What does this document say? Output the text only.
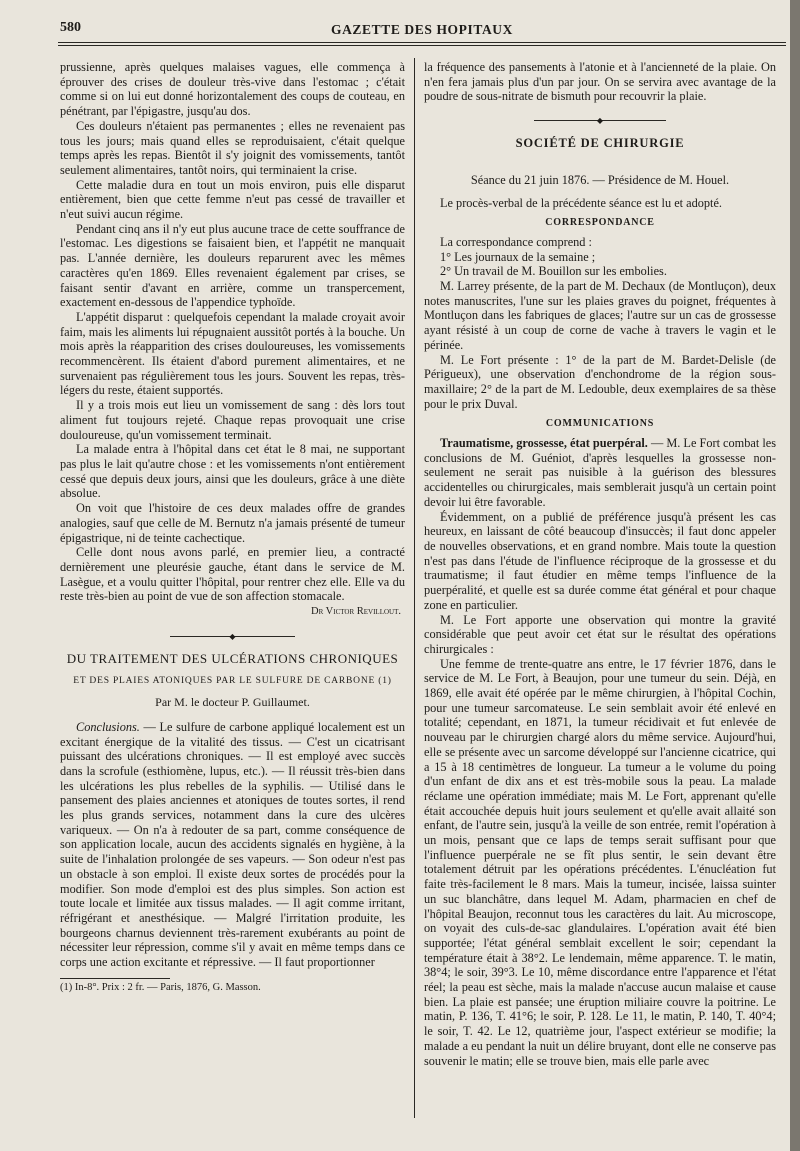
580	GAZETTE DES HOPITAUX

prussienne, après quelques malaises vagues, elle commença à éprouver des crises de douleur très-vive dans l'estomac ; c'était comme si on lui eut donné horizontalement des coups de couteau, en pénétrant, par l'épigastre, jusqu'au dos.

Ces douleurs n'étaient pas permanentes ; elles ne revenaient pas tous les jours; mais quand elles se reproduisaient, c'était quelque temps après les repas. Bientôt il s'y joignit des vomissements, tantôt seulement alimentaires, tantôt noirs, qui terminaient la crise.

Cette maladie dura en tout un mois environ, puis elle disparut entièrement, bien que cette femme n'eut pas cessé de travailler et n'eut suivi aucun régime.

Pendant cinq ans il n'y eut plus aucune trace de cette souffrance de l'estomac. Les digestions se faisaient bien, et l'appétit ne manquait pas. L'année dernière, les douleurs reparurent avec les mêmes caractères qu'en 1869. Elles revenaient également par crises, se faisant sentir d'avant en arrière, comme un transpercement, exactement en-dessous de l'appendice typhoïde.

L'appétit disparut : quelquefois cependant la malade croyait avoir faim, mais les aliments lui répugnaient aussitôt portés à la bouche. Un mois après la réapparition des crises douloureuses, les vomissements recommencèrent. Ils étaient d'abord purement alimentaires, et ne survenaient pas régulièrement tous les jours. Souvent les repas, très-légers du reste, étaient supportés.

Il y a trois mois eut lieu un vomissement de sang : dès lors tout aliment fut toujours rejeté. Chaque repas provoquait une crise douloureuse, qu'un vomissement terminait.

La malade entra à l'hôpital dans cet état le 8 mai, ne supportant pas plus le lait qu'autre chose : et les vomissements n'ont entièrement cessé que depuis deux jours, ainsi que les douleurs, grâce à une diète absolue.

On voit que l'histoire de ces deux malades offre de grandes analogies, sauf que celle de M. Bernutz n'a jamais présenté de tumeur épigastrique, ni de teinte cachectique.

Celle dont nous avons parlé, en premier lieu, a contracté dernièrement une pleurésie gauche, étant dans le service de M. Lasègue, et a voulu quitter l'hôpital, pour rentrer chez elle. Elle va du reste très-bien au point de vue de son affection stomacale.

Dr Victor Revillout.
◆
DU TRAITEMENT DES ULCÉRATIONS CHRONIQUES
ET DES PLAIES ATONIQUES PAR LE SULFURE DE CARBONE (1)
Par M. le docteur P. Guillaumet.

Conclusions. — Le sulfure de carbone appliqué localement est un excitant énergique de la vitalité des tissus. — C'est un cicatrisant puissant des ulcérations chroniques. — Il est employé avec succès dans la scrofule (esthiomène, lupus, etc.). — Il réussit très-bien dans les ulcérations les plus rebelles de la syphilis. — Utilisé dans le pansement des plaies anciennes et atoniques de toutes sortes, il rend les plus grands services, notamment dans la cure des ulcères variqueux. — On n'a à redouter de sa part, comme conséquence de son application locale, aucun des accidents signalés en hygiène, à la suite de l'inhalation prolongée de ses vapeurs. — Son odeur n'est pas un obstacle à son emploi. Il existe deux sortes de procédés pour la modifier. Son mode d'emploi est des plus simples. Son action est toute locale et limitée aux tissus malades. — Il agit comme irritant, réfrigérant et anesthésique. — Malgré l'irritation produite, les bourgeons charnus deviennent très-rarement exubérants au point de nécessiter leur répression, comme s'il y avait en même temps dans ce corps une action excitante et répressive. — Il faut proportionner

(1) In-8°. Prix : 2 fr. — Paris, 1876, G. Masson.

la fréquence des pansements à l'atonie et à l'ancienneté de la plaie. On n'en fera jamais plus d'un par jour. On se servira avec avantage de la poudre de sous-nitrate de bismuth pour recouvrir la plaie.

◆
SOCIÉTÉ DE CHIRURGIE
Séance du 21 juin 1876. — Présidence de M. Houel.

Le procès-verbal de la précédente séance est lu et adopté.

CORRESPONDANCE

La correspondance comprend :

1° Les journaux de la semaine ;

2° Un travail de M. Bouillon sur les embolies.

M. Larrey présente, de la part de M. Dechaux (de Montluçon), deux notes manuscrites, l'une sur les plaies graves du poignet, fréquentes à Montluçon dans les fabriques de glaces; l'autre sur un cas de grossesse ayant résisté à un coup de corne de vache à travers le vagin et le périnée.

M. Le Fort présente : 1° de la part de M. Bardet-Delisle (de Périgueux), une observation d'enchondrome de la région sous-maxillaire; 2° de la part de M. Ledouble, deux exemplaires de sa thèse pour le prix Duval.

COMMUNICATIONS

Traumatisme, grossesse, état puerpéral. — M. Le Fort combat les conclusions de M. Guéniot, d'après lesquelles la grossesse non-seulement ne serait pas nuisible à la guérison des blessures accidentelles ou chirurgicales, mais semblerait jusqu'à un certain point devoir lui être favorable.

Évidemment, on a publié de préférence jusqu'à présent les cas heureux, en laissant de côté beaucoup d'insuccès; il faut donc appeler de nouvelles observations, et en grand nombre. Mais toute la question n'est pas dans l'étude de l'influence réciproque de la grossesse et du traumatisme; il faut étudier en même temps l'influence de la puerpéralité, et quelle est sa durée comme état général et pour chaque zone en particulier.

M. Le Fort apporte une observation qui montre la gravité considérable que peut avoir cet état sur le résultat des opérations chirurgicales :

Une femme de trente-quatre ans entre, le 17 février 1876, dans le service de M. Le Fort, à Beaujon, pour une tumeur du sein. Déjà, en 1869, elle avait été opérée par le même chirurgien, à l'hôpital Cochin, pour une tumeur sarcomateuse. Le sein semblait avoir été enlevé en totalité; cependant, en 1871, la tumeur récidivait et fut enlevée de nouveau par le chirurgien chargé alors du même service. Aujourd'hui, elle se présente avec un sarcome développé sur l'ancienne cicatrice, qui a 15 à 18 centimètres de longueur. La tumeur a le volume du poing d'un enfant de dix ans et est très-mobile sous la peau. La malade réclame une opération immédiate; mais M. Le Fort, apprenant qu'elle était accouchée depuis huit jours seulement et qu'elle avait allaité son enfant, de l'autre sein, jusqu'à la veille de son entrée, remit l'opération à un mois, pensant que ce laps de temps serait suffisant pour que l'influence puerpérale ne se fît plus sentir, le sein devant être totalement détruit par les opérations précédentes. L'énucléation fut faite très-facilement le 8 mars. Mais la tumeur, incisée, laissa suinter un suc blanchâtre, dans lequel M. Adam, pharmacien en chef de l'hôpital Beaujon, reconnut tous les caractères du lait. Au microscope, on voyait des culs-de-sac glandulaires. L'opération avait été bien supportée; l'état général semblait excellent le soir; cependant la température était à 38°2. Le lendemain, même apparence. T. le matin, 38°4; le soir, 39°3. Le 10, même discordance entre l'apparence et l'état réel; la peau est sèche, mais la malade n'accuse aucun malaise et cause bien. La plaie est pansée; une éruption miliaire couvre la poitrine. Le matin, P. 136, T. 41°6; le soir, P. 128. Le 11, le matin, P. 140, T. 40°4; le soir, T. 42. Le 12, quatrième jour, l'aspect extérieur se modifie; la malade a eu pendant la nuit un délire bruyant, dont elle ne conserve pas souvenir le matin; elle se trouve bien, mais elle parle avec
